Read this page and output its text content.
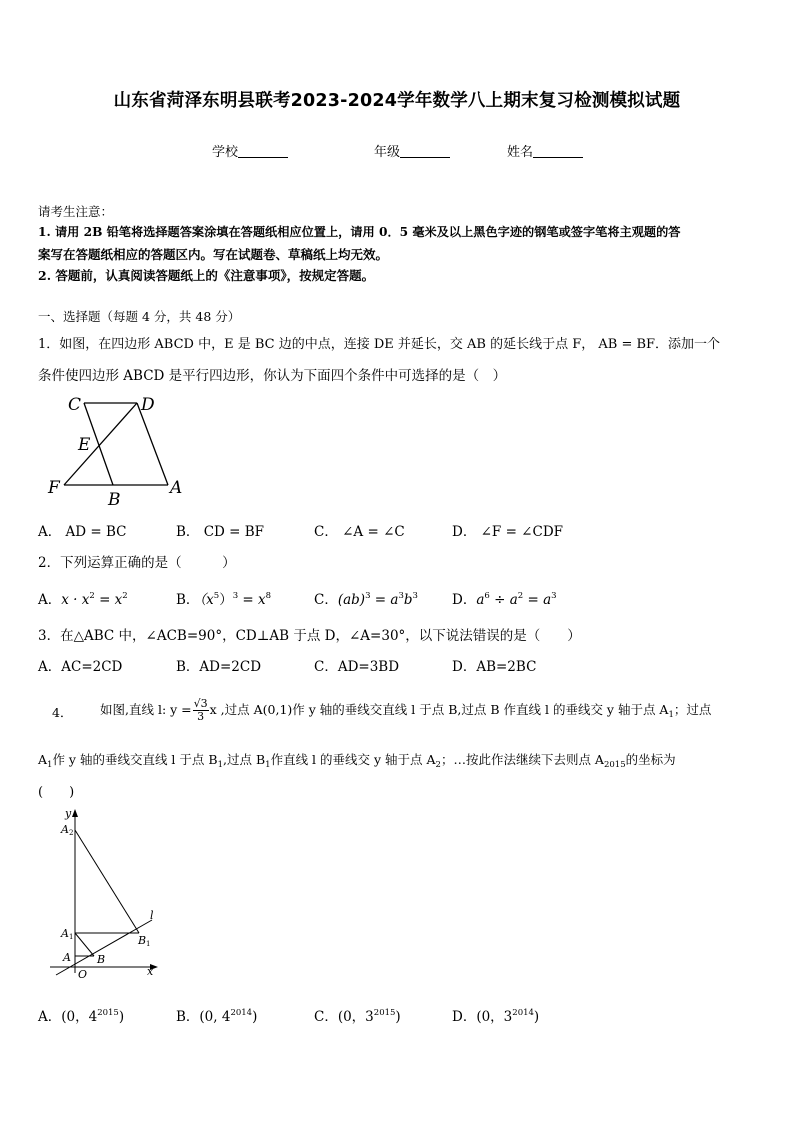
山东省菏泽东明县联考2023-2024学年数学八上期末复习检测模拟试题
学校	年级	姓名
请考生注意：
1. 请用 2B 铅笔将选择题答案涂填在答题纸相应位置上，请用 0．5 毫米及以上黑色字迹的钢笔或签字笔将主观题的答
案写在答题纸相应的答题区内。写在试题卷、草稿纸上均无效。
2. 答题前，认真阅读答题纸上的《注意事项》，按规定答题。
一、选择题（每题 4 分，共 48 分）
1．如图，在四边形 ABCD 中，E 是 BC 边的中点，连接 DE 并延长，交 AB 的延长线于点 F， AB = BF．添加一个
条件使四边形 ABCD 是平行四边形，你认为下面四个条件中可选择的是（　）
C	D
E
F
B
A
A． AD = BC	B． CD = BF	C． ∠A = ∠C	D． ∠F = ∠CDF
2．下列运算正确的是（　　　）
A．$x \cdot x^2 = x^2$	B．$(x^5)^3 = x^8$	C．$(ab)^3 = a^3b^3$	D．$a^6 \div a^2 = a^3$
3．在△ABC 中，∠ACB=90°，CD⊥AB 于点 D，∠A=30°，以下说法错误的是（　　）
A．AC=2CD	B．AD=2CD	C．AD=3BD	D．AB=2BC
4． 如图,直线 l: $y = \frac{√3}{3}$ x ,过点 A(0,1)作 y 轴的垂线交直线 l 于点 B,过点 B 作直线 l 的垂线交 y 轴于点 $A_1$；过点
$A_1$作 y 轴的垂线交直线 l 于点 $B_1$,过点 $B_1$作直线 l 的垂线交 y 轴于点 $A_2$；…按此作法继续下去则点 $A_{2015}$的坐标为
(　　)
y
x
O
A B
A 1	B 1
A 2
l
A．(0，$4^{2015}$)	B．(0, $4^{2014}$)	C．(0，$3^{2015}$)	D．(0，$3^{2014}$)
